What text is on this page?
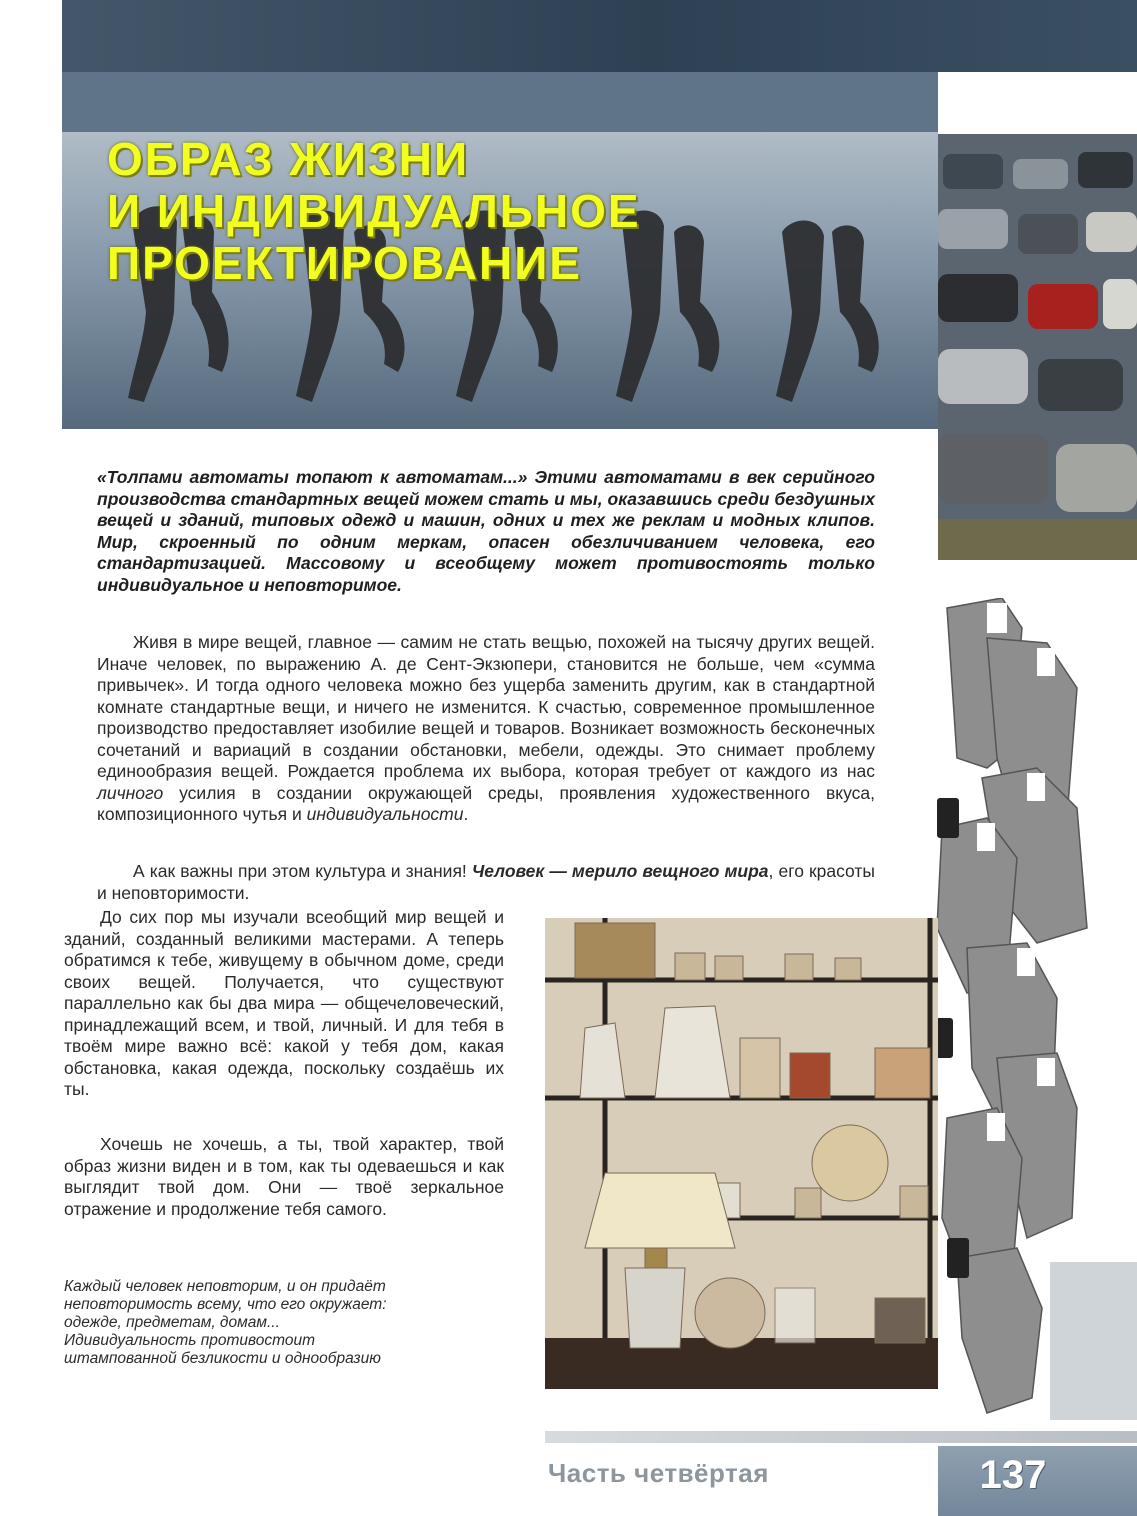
ОБРАЗ ЖИЗНИ
И ИНДИВИДУАЛЬНОЕ
ПРОЕКТИРОВАНИЕ

«Толпами автоматы топают к автоматам...» Этими автоматами в век серийного производства стандартных вещей можем стать и мы, оказавшись среди бездушных вещей и зданий, типовых одежд и машин, одних и тех же реклам и модных клипов. Мир, скроенный по одним меркам, опасен обезличиванием человека, его стандартизацией. Массовому и всеобщему может противостоять только индивидуальное и неповторимое.

Живя в мире вещей, главное — самим не стать вещью, похожей на тысячу других вещей. Иначе человек, по выражению А. де Сент-Экзюпери, становится не больше, чем «сумма привычек». И тогда одного человека можно без ущерба заменить другим, как в стандартной комнате стандартные вещи, и ничего не изменится. К счастью, современное промышленное производство предоставляет изобилие вещей и товаров. Возникает возможность бесконечных сочетаний и вариаций в создании обстановки, мебели, одежды. Это снимает проблему единообразия вещей. Рождается проблема их выбора, которая требует от каждого из нас личного усилия в создании окружающей среды, проявления художественного вкуса, композиционного чутья и индивидуальности.

А как важны при этом культура и знания! Человек — мерило вещного мира, его красоты и неповторимости.

До сих пор мы изучали всеобщий мир вещей и зданий, созданный великими мастерами. А теперь обратимся к тебе, живущему в обычном доме, среди своих вещей. Получается, что существуют параллельно как бы два мира — общечеловеческий, принадлежащий всем, и твой, личный. И для тебя в твоём мире важно всё: какой у тебя дом, какая обстановка, какая одежда, поскольку создаёшь их ты.

Хочешь не хочешь, а ты, твой характер, твой образ жизни виден и в том, как ты одеваешься и как выглядит твой дом. Они — твоё зеркальное отражение и продолжение тебя самого.

Каждый человек неповторим, и он придаёт
неповторимость всему, что его окружает:
одежде, предметам, домам...
Идивидуальность противостоит
штампованной безликости и однообразию

Часть четвёртая	137
